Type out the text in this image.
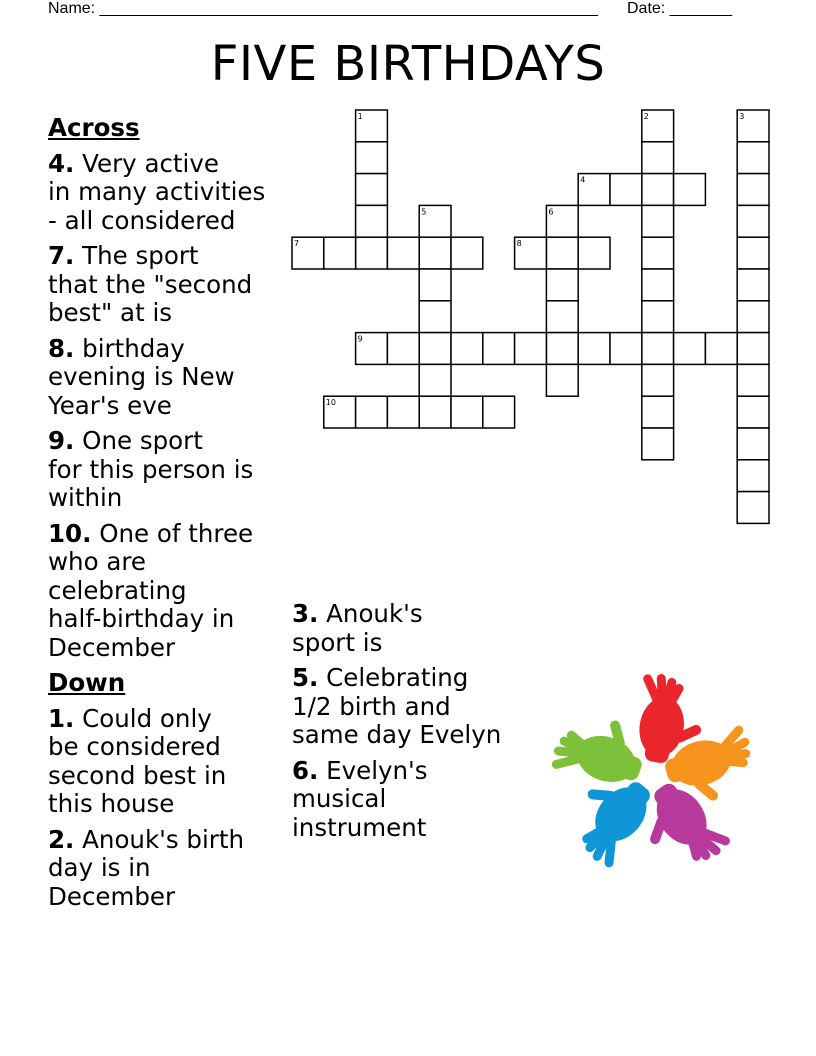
Name: ________________________________________________________ Date: _______
FIVE BIRTHDAYS
1	2	3
4
5	6
7	8
9
10
Across
4. Very active
in many activities
- all considered
7. The sport
that the "second
best" at is
8. birthday
evening is New
Year's eve
9. One sport
for this person is
within
10. One of three
who are
celebrating
half-birthday in
December
Down
1. Could only
be considered
second best in
this house
2. Anouk's birth
day is in
December
3. Anouk's
sport is
5. Celebrating
1/2 birth and
same day Evelyn
6. Evelyn's
musical
instrument
